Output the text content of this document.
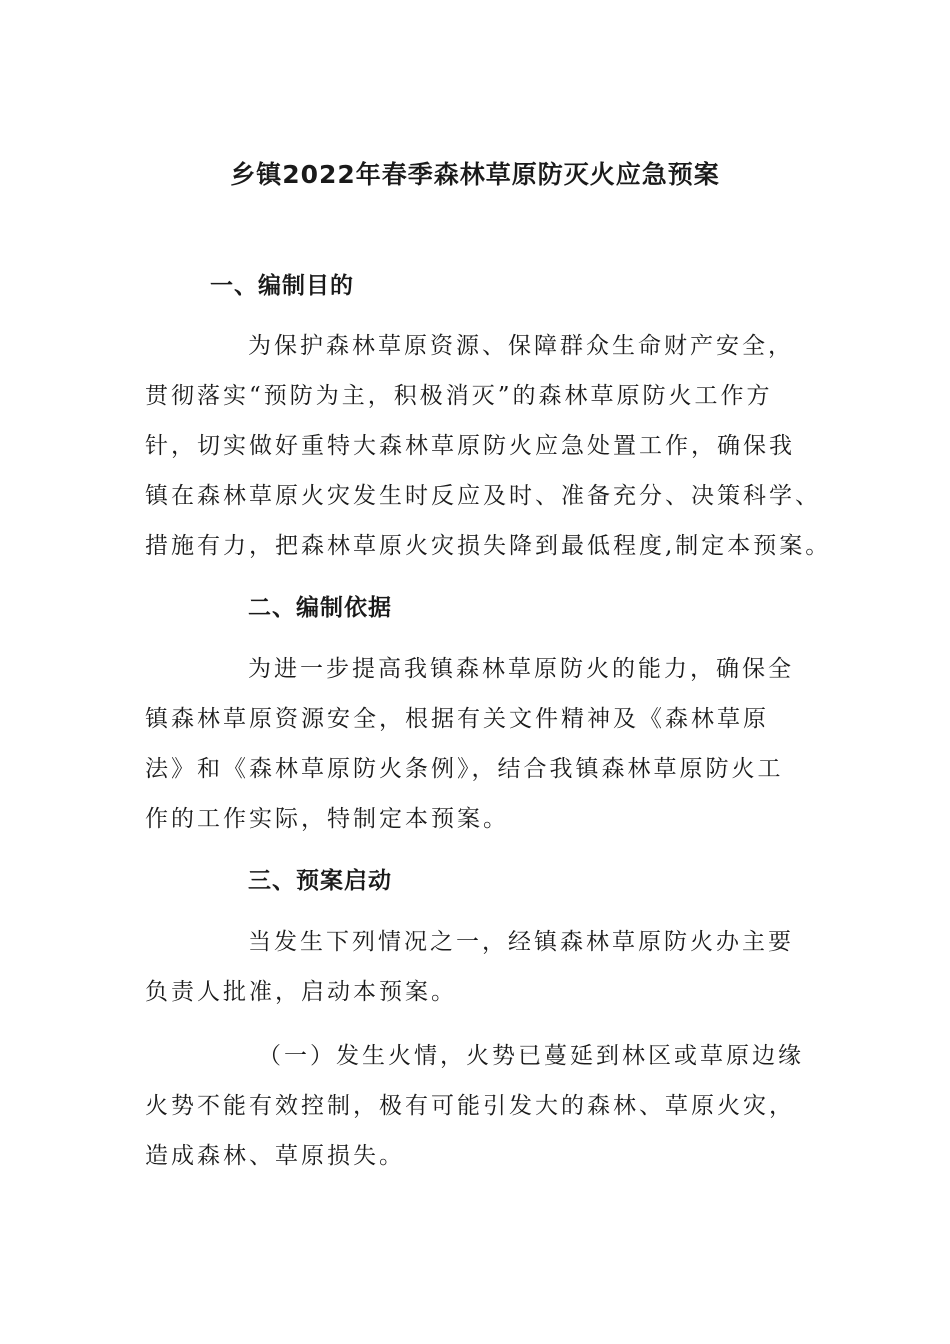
乡镇2022年春季森林草原防灭火应急预案
一、编制目的
为保护森林草原资源、保障群众生命财产安全，
贯彻落实“预防为主，积极消灭”的森林草原防火工作方
针，切实做好重特大森林草原防火应急处置工作，确保我
镇在森林草原火灾发生时反应及时、准备充分、决策科学、
措施有力，把森林草原火灾损失降到最低程度,制定本预案。
二、编制依据
为进一步提高我镇森林草原防火的能力，确保全
镇森林草原资源安全，根据有关文件精神及《森林草原
法》和《森林草原防火条例》，结合我镇森林草原防火工
作的工作实际，特制定本预案。
三、预案启动
当发生下列情况之一，经镇森林草原防火办主要
负责人批准，启动本预案。
（一）发生火情，火势已蔓延到林区或草原边缘
火势不能有效控制，极有可能引发大的森林、草原火灾，
造成森林、草原损失。
